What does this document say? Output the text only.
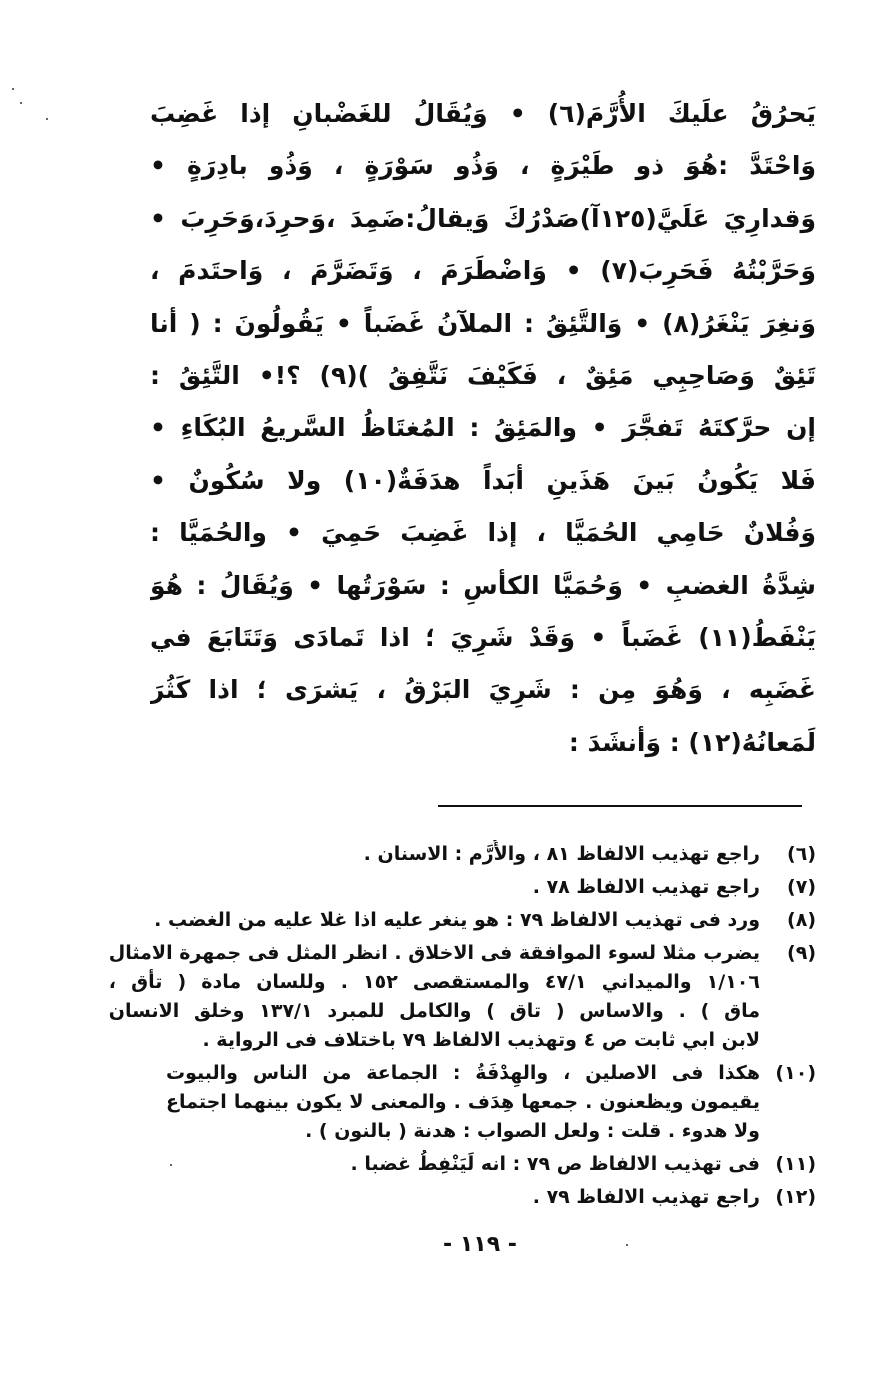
يَحرُقُ علَيكَ الأُرَّمَ(٦) • وَيُقَالُ للغَضْبانِ إذا غَضِبَ
وَاحْتَدَّ :هُوَ ذو طَيْرَةٍ ، وَذُو سَوْرَةٍ ، وَذُو بادِرَةٍ •
وَقدارِيَ عَلَيَّ(١٢٥آ)صَدْرُكَ وَيقالُ:ضَمِدَ ،وَحرِدَ،وَحَرِبَ •
وَحَرَّبْتُهُ فَحَرِبَ(٧) • وَاضْطَرَمَ ، وَتَضَرَّمَ ، وَاحتَدمَ ،
وَنغِرَ يَنْغَرُ(٨) • وَالتَّئِقُ : الملآنُ غَضَباً • يَقُولُونَ : ( أنا
تَئِقٌ وَصَاحِبِي مَئِقٌ ، فَكَيْفَ نَتَّفِقُ )(٩) ؟!• التَّئِقُ :
إن حرَّكتَهُ تَفجَّرَ • والمَئِقُ : المُغتَاظُ السَّريعُ البُكَاءِ •
فَلا يَكُونُ بَينَ هَذَينِ أبَداً هدَفَةٌ(١٠) ولا سُكُونٌ •
وَفُلانٌ حَامِي الحُمَيَّا ، إذا غَضِبَ حَمِيَ • والحُمَيَّا :
شِدَّةُ الغضبِ • وَحُمَيَّا الكأسِ : سَوْرَتُها • وَيُقَالُ : هُوَ
يَنْفَطُ(١١) غَضَباً • وَقَدْ شَرِيَ ؛ اذا تَمادَى وَتَتَابَعَ في
غَضَبِه ، وَهُوَ مِن : شَرِيَ البَرْقُ ، يَشرَى ؛ اذا كَثُرَ
لَمَعانُهُ(١٢) : وَأنشَدَ :
(٦)
راجع تهذيب الالفاظ ٨١ ، والأُرَّم : الاسنان .
(٧)
راجع تهذيب الالفاظ ٧٨ .
(٨)
ورد فى تهذيب الالفاظ ٧٩ : هو ينغر عليه اذا غلا عليه من الغضب .
(٩)
يضرب مثلا لسوء الموافقة فى الاخلاق . انظر المثل فى جمهرة الامثال
١/١٠٦ والميداني ٤٧/١ والمستقصى ١٥٢ . وللسان مادة ( تأق ،
ماق ) . والاساس ( تاق ) والكامل للمبرد ١٣٧/١ وخلق الانسان
لابن ابي ثابت ص ٤ وتهذيب الالفاظ ٧٩ باختلاف فى الرواية .
(١٠)
هكذا فى الاصلين ، والهِدْفَةُ : الجماعة من الناس والبيوت
يقيمون ويظعنون . جمعها هِدَف . والمعنى لا يكون بينهما اجتماع
ولا هدوء . قلت : ولعل الصواب : هدنة ( بالنون ) .
(١١)
فى تهذيب الالفاظ ص ٧٩ : انه لَيَنْفِطُ غضبا .
(١٢)
راجع تهذيب الالفاظ ٧٩ .
- ١١٩ -
